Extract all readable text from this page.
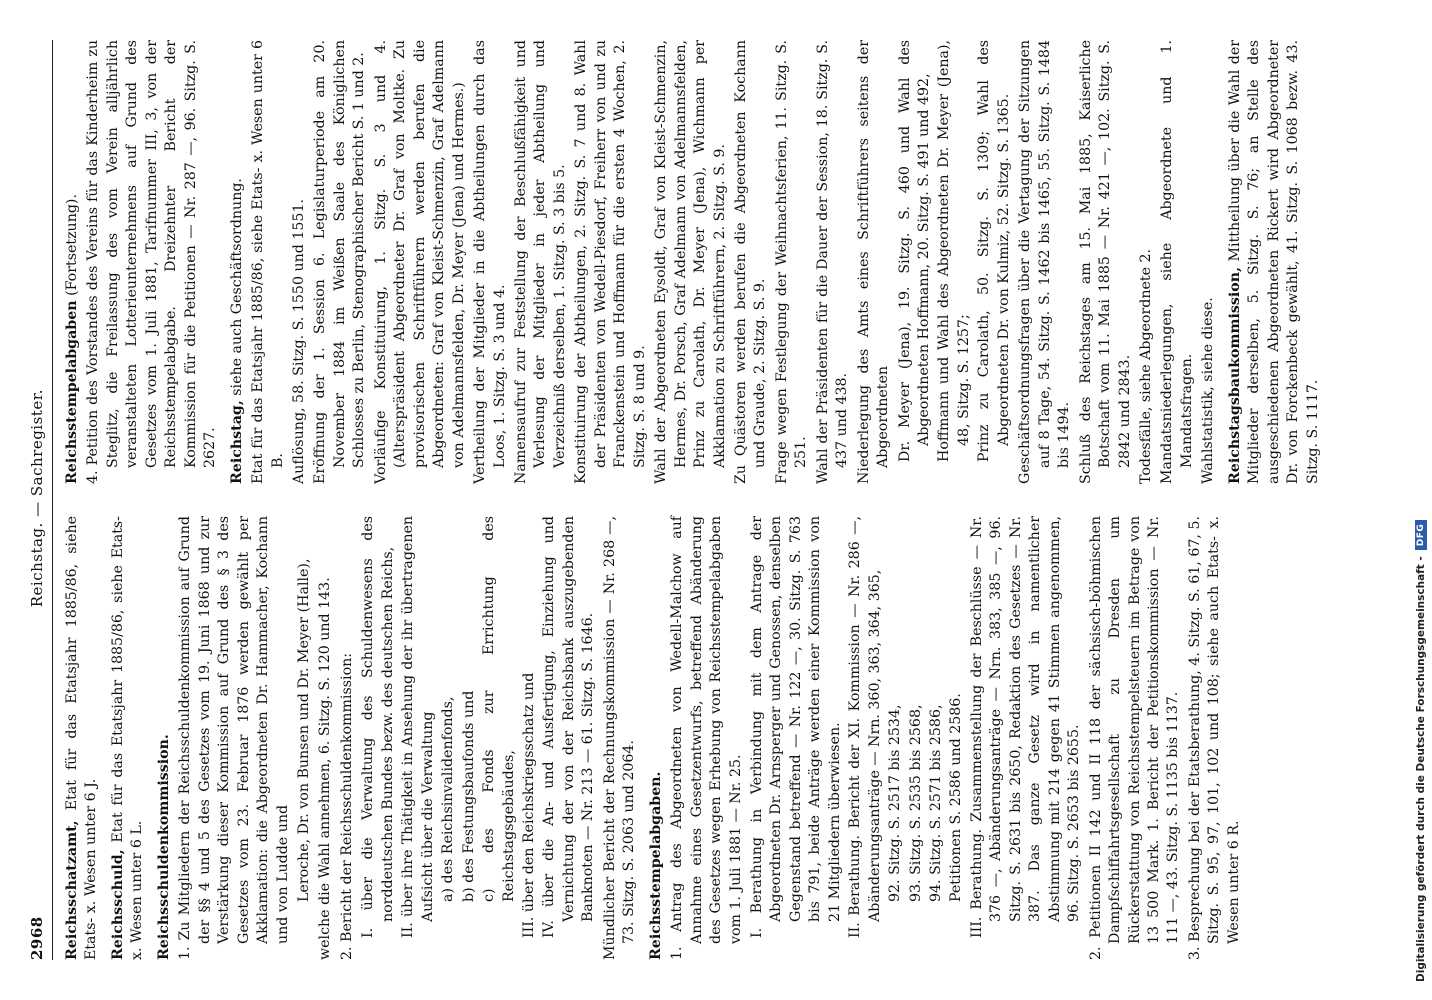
2968
Reichstag. — Sachregister.

Reichsschatzamt, Etat für das Etatsjahr 1885/86, siehe Etats- x. Wesen unter 6 J. Reichsschuld, Etat für das Etatsjahr 1885/86, siehe Etats- x. Wesen unter 6 L. Reichsschuldenkommission. 1. Zu Mitgliedern der Reichsschuldenkommission auf Grund der §§ 4 und 5 des Gesetzes vom 19. Juni 1868 und zur Verstärkung dieser Kommission auf Grund des § 3 des Gesetzes vom 23. Februar 1876 werden gewählt per Akklamation: die Abgeordneten Dr. Hammacher, Kochann und von Ludde und Leroche, Dr. von Bunsen und Dr. Meyer (Halle), welche die Wahl annehmen, 6. Sitzg. S. 120 und 143. 2. Bericht der Reichsschuldenkommission: I. über die Verwaltung des Schuldenwesens des norddeutschen Bundes bezw. des deutschen Reichs, II. über ihre Thätigkeit in Ansehung der ihr übertragenen Aufsicht über die Verwaltung a) des Reichsinvalidenfonds, b) des Festungsbaufonds und c) des Fonds zur Errichtung des Reichstagsgebäudes, III. über den Reichskriegsschatz und IV. über die An- und Ausfertigung, Einziehung und Vernichtung der von der Reichsbank auszugebenden Banknoten — Nr. 213 — 61. Sitzg. S. 1646. Mündlicher Bericht der Rechnungskommission — Nr. 268 —, 73. Sitzg. S. 2063 und 2064. Reichsstempelabgaben. 1. Antrag des Abgeordneten von Wedell-Malchow auf Annahme eines Gesetzentwurfs, betreffend Abänderung des Gesetzes wegen Erhebung von Reichsstempelabgaben vom 1. Juli 1881 — Nr. 25. I. Berathung in Verbindung mit dem Antrage der Abgeordneten Dr. Arnsperger und Genossen, denselben Gegenstand betreffend — Nr. 122 —, 30. Sitzg. S. 763 bis 791, beide Anträge werden einer Kommission von 21 Mitgliedern überwiesen. II. Berathung. Bericht der XI. Kommission — Nr. 286 —, Abänderungsanträge — Nrn. 360, 363, 364, 365, 92. Sitzg. S. 2517 bis 2534, 93. Sitzg. S. 2535 bis 2568, 94. Sitzg. S. 2571 bis 2586, Petitionen S. 2586 und 2586. III. Berathung. Zusammenstellung der Beschlüsse — Nr. 376 —, Abänderungsanträge — Nrn. 383, 385 —, 96. Sitzg. S. 2631 bis 2650, Redaktion des Gesetzes — Nr. 387. Das ganze Gesetz wird in namentlicher Abstimmung mit 214 gegen 41 Stimmen angenommen, 96. Sitzg. S. 2653 bis 2655. 2. Petitionen II 142 und II 118 der sächsisch-böhmischen Dampfschiffahrtsgesellschaft zu Dresden um Rückerstattung von Reichsstempelsteuern im Betrage von 13 500 Mark. 1. Bericht der Petitionskommission — Nr. 111 —, 43. Sitzg. S. 1135 bis 1137. 3. Besprechung bei der Etatsberathung, 4. Sitzg. S. 61, 67, 5. Sitzg. S. 95, 97, 101, 102 und 108; siehe auch Etats- x. Wesen unter 6 R.
Reichsstempelabgaben (Fortsetzung). 4. Petition des Vorstandes des Vereins für das Kinderheim zu Steglitz, die Freilassung des vom Verein alljährlich veranstalteten Lotterieunternehmens auf Grund des Gesetzes vom 1. Juli 1881, Tarifnummer III, 3, von der Reichsstempelabgabe. Dreizehnter Bericht der Kommission für die Petitionen — Nr. 287 —, 96. Sitzg. S. 2627. Reichstag, siehe auch Geschäftsordnung. Etat für das Etatsjahr 1885/86, siehe Etats- x. Wesen unter 6 B. Auflösung, 58. Sitzg. S. 1550 und 1551. Eröffnung der 1. Session 6. Legislaturperiode am 20. November 1884 im Weißen Saale des Königlichen Schlosses zu Berlin, Stenographischer Bericht S. 1 und 2. Vorläufige Konstituirung, 1. Sitzg. S. 3 und 4. (Alterspräsident Abgeordneter Dr. Graf von Moltke. Zu provisorischen Schriftführern werden berufen die Abgeordneten: Graf von Kleist-Schmenzin, Graf Adelmann von Adelmannsfelden, Dr. Meyer (Jena) und Hermes.) Vertheilung der Mitglieder in die Abtheilungen durch das Loos, 1. Sitzg. S. 3 und 4. Namensaufruf zur Feststellung der Beschlußfähigkeit und Verlesung der Mitglieder in jeder Abtheilung und Verzeichniß derselben, 1. Sitzg. S. 3 bis 5. Konstituirung der Abtheilungen, 2. Sitzg. S. 7 und 8. Wahl der Präsidenten von Wedell-Piesdorf, Freiherr von und zu Franckenstein und Hoffmann für die ersten 4 Wochen, 2. Sitzg. S. 8 und 9. Wahl der Abgeordneten Eysoldt, Graf von Kleist-Schmenzin, Hermes, Dr. Porsch, Graf Adelmann von Adelmannsfelden, Prinz zu Carolath, Dr. Meyer (Jena), Wichmann per Akklamation zu Schriftführern, 2. Sitzg. S. 9. Zu Quästoren werden berufen die Abgeordneten Kochann und Graude, 2. Sitzg. S. 9. Frage wegen Festlegung der Weihnachtsferien, 11. Sitzg. S. 251. Wahl der Präsidenten für die Dauer der Session, 18. Sitzg. S. 437 und 438. Niederlegung des Amts eines Schriftführers seitens der Abgeordneten Dr. Meyer (Jena), 19. Sitzg. S. 460 und Wahl des Abgeordneten Hoffmann, 20. Sitzg. S. 491 und 492, Hoffmann und Wahl des Abgeordneten Dr. Meyer (Jena), 48, Sitzg. S. 1257; Prinz zu Carolath, 50. Sitzg. S. 1309; Wahl des Abgeordneten Dr. von Kulmiz, 52. Sitzg. S. 1365. Geschäftsordnungsfragen über die Vertagung der Sitzungen auf 8 Tage, 54. Sitzg. S. 1462 bis 1465, 55. Sitzg. S. 1484 bis 1494. Schluß des Reichstages am 15. Mai 1885, Kaiserliche Botschaft vom 11. Mai 1885 — Nr. 421 —, 102. Sitzg. S. 2842 und 2843. Todesfälle, siehe Abgeordnete 2. Mandatsniederlegungen, siehe Abgeordnete und 1. Mandatsfragen. Wahlstatistik, siehe diese. Reichstagsbaukommission, Mittheilung über die Wahl der Mitglieder derselben, 5. Sitzg. S. 76; an Stelle des ausgeschiedenen Abgeordneten Rickert wird Abgeordneter Dr. von Forckenbeck gewählt, 41. Sitzg. S. 1068 bezw. 43. Sitzg. S. 1117.

Digitalisierung gefördert durch die Deutsche Forschungsgemeinschaft -
DFG
